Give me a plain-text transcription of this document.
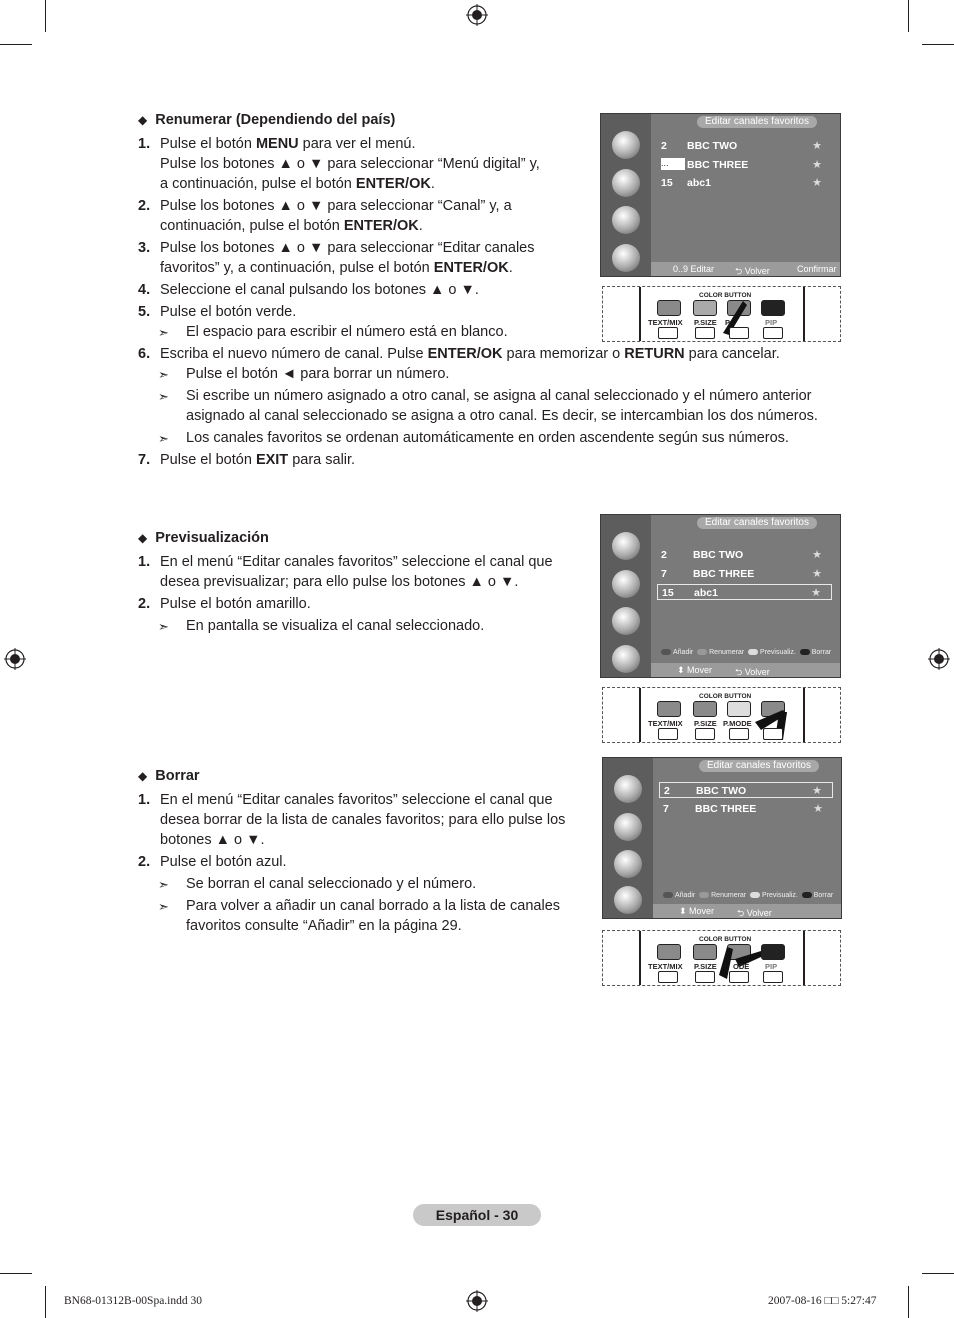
◆ Renumerar (Dependiendo del país)
1. Pulse el botón MENU para ver el menú.
Pulse los botones ▲ o ▼ para seleccionar “Menú digital” y,
a continuación, pulse el botón ENTER/OK.
2. Pulse los botones ▲ o ▼ para seleccionar “Canal” y, a
continuación, pulse el botón ENTER/OK.
3. Pulse los botones ▲ o ▼ para seleccionar “Editar canales
favoritos” y, a continuación, pulse el botón ENTER/OK.
4. Seleccione el canal pulsando los botones ▲ o ▼.
5. Pulse el botón verde.
➣ El espacio para escribir el número está en blanco.
6. Escriba el nuevo número de canal. Pulse ENTER/OK para memorizar o RETURN para cancelar.
➣ Pulse el botón ◄ para borrar un número.
➣ Si escribe un número asignado a otro canal, se asigna al canal seleccionado y el número anterior
asignado al canal seleccionado se asigna a otro canal. Es decir, se intercambian los dos números.
➣ Los canales favoritos se ordenan automáticamente en orden ascendente según sus números.
7. Pulse el botón EXIT para salir.
Editar canales favoritos
2 BBC TWO	★
...	BBC THREE	★
15 abc1	★
0..9 Editar ⮌ Volver	Confirmar
COLOR BUTTON
TEXT/MIX P.SIZE P.	PIP
◆ Previsualización
1. En el menú “Editar canales favoritos” seleccione el canal que
desea previsualizar; para ello pulse los botones ▲ o ▼.
2. Pulse el botón amarillo.
➣ En pantalla se visualiza el canal seleccionado.
Editar canales favoritos
2 BBC TWO	★
7 BBC THREE	★
15 abc1	★
Añadir Renumerar Previsualiz. Borrar
⬍ Mover	⮌ Volver
COLOR BUTTON
TEXT/MIX P.SIZE P.MODE
◆ Borrar
1. En el menú “Editar canales favoritos” seleccione el canal que
desea borrar de la lista de canales favoritos; para ello pulse los
botones ▲ o ▼.
2. Pulse el botón azul.
➣ Se borran el canal seleccionado y el número.
➣ Para volver a añadir un canal borrado a la lista de canales
favoritos consulte “Añadir” en la página 29.
Editar canales favoritos
2 BBC TWO	★
7 BBC THREE	★
Añadir Renumerar Previsualiz. Borrar
⬍ Mover	⮌ Volver
COLOR BUTTON
TEXT/MIX P.SIZE ODE PIP
Español - 30
BN68-01312B-00Spa.indd 30	2007-08-16 □□ 5:27:47
